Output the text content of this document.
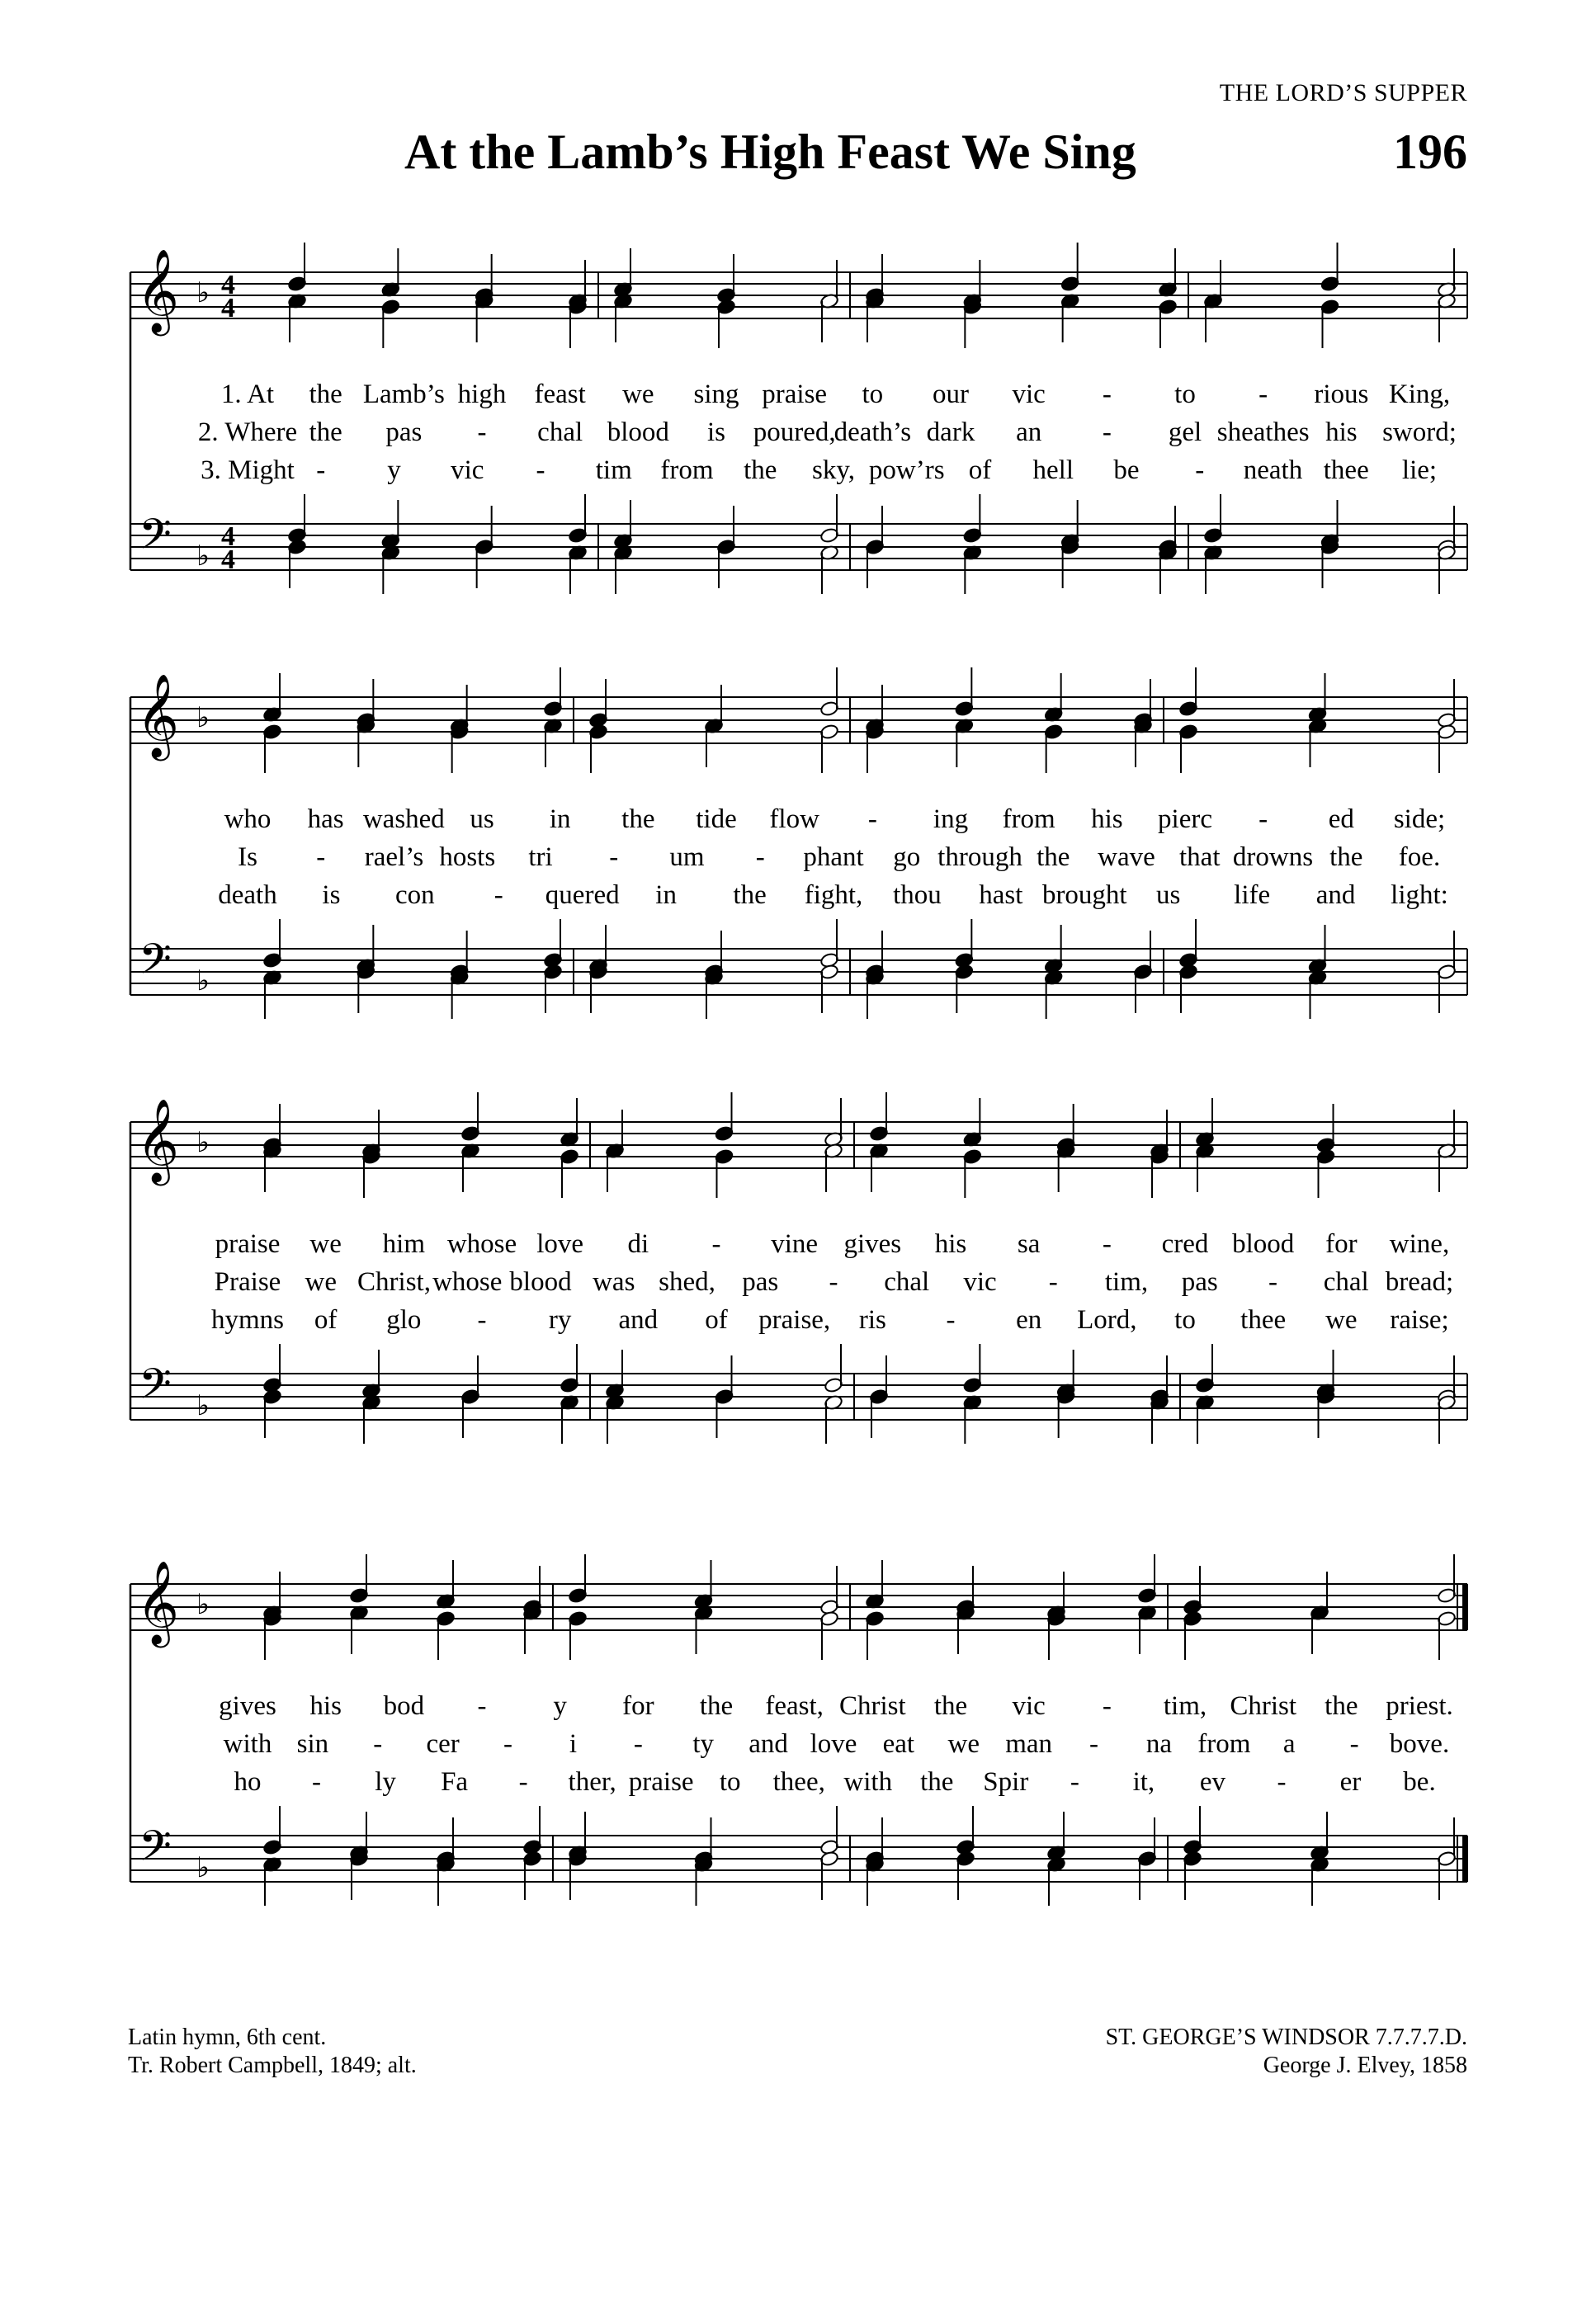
THE LORD’S SUPPER
At the Lamb’s High Feast We Sing	196
𝄞
𝄢
♭
♭
4
4
4
4
1. At the Lamb’s high feast we sing praise to our vic - to - rious King,
2. Where the pas - chal blood is poured,
death’s dark an - gel sheathes his sword;
3. Might - y vic - tim from the sky, pow’rs of hell be - neath thee lie;
𝄞
𝄢
♭
♭
who has washed us in the tide flow - ing from his pierc - ed side;
Is - rael’s hosts tri - um - phant go through the wave that drowns the foe.
death is con - quered in the fight, thou hast brought us life and light:
𝄞
𝄢
♭
♭
praise we him whose love di - vine gives his sa - cred blood for wine,
Praise we Christ, whose blood was shed, pas - chal vic - tim, pas - chal bread;
hymns of glo - ry and of praise, ris - en Lord, to thee we raise;
𝄞
𝄢
♭
♭
gives his bod - y for the feast, Christ the vic - tim, Christ the priest.
with sin - cer - i - ty and love eat we man - na from a - bove.
ho - ly Fa - ther, praise to thee, with the Spir - it, ev - er be.
Latin hymn, 6th cent.
Tr. Robert Campbell, 1849; alt.
ST. GEORGE’S WINDSOR 7.7.7.7.D.
George J. Elvey, 1858
